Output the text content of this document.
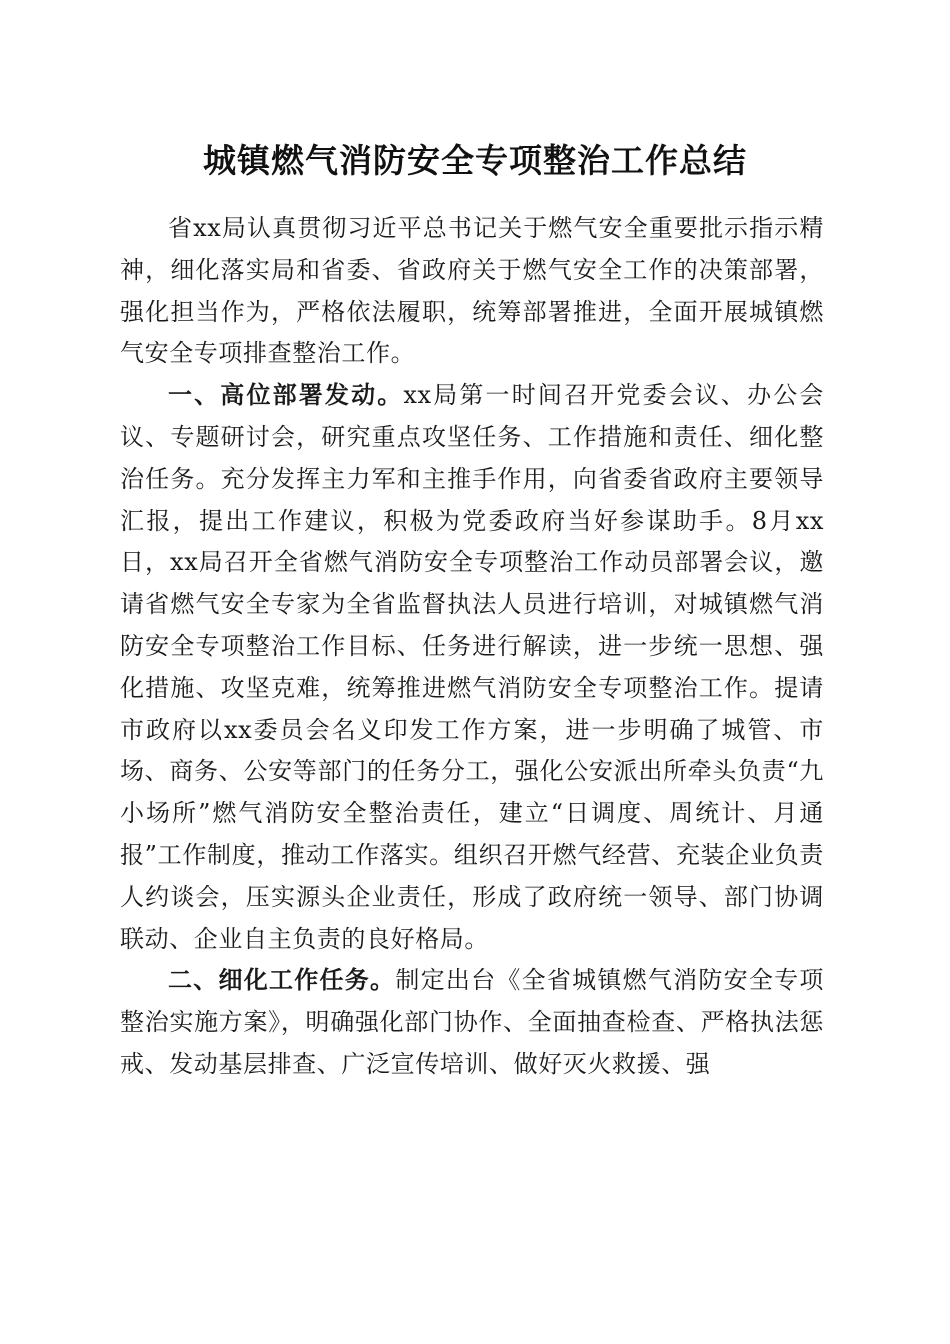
城镇燃气消防安全专项整治工作总结

省xx局认真贯彻习近平总书记关于燃气安全重要批示指示精神，细化落实局和省委、省政府关于燃气安全工作的决策部署，强化担当作为，严格依法履职，统筹部署推进，全面开展城镇燃气安全专项排查整治工作。

一、高位部署发动。xx局第一时间召开党委会议、办公会议、专题研讨会，研究重点攻坚任务、工作措施和责任、细化整治任务。充分发挥主力军和主推手作用，向省委省政府主要领导汇报，提出工作建议，积极为党委政府当好参谋助手。8月xx日，xx局召开全省燃气消防安全专项整治工作动员部署会议，邀请省燃气安全专家为全省监督执法人员进行培训，对城镇燃气消防安全专项整治工作目标、任务进行解读，进一步统一思想、强化措施、攻坚克难，统筹推进燃气消防安全专项整治工作。提请市政府以xx委员会名义印发工作方案，进一步明确了城管、市场、商务、公安等部门的任务分工，强化公安派出所牵头负责“九小场所”燃气消防安全整治责任，建立“日调度、周统计、月通报”工作制度，推动工作落实。组织召开燃气经营、充装企业负责人约谈会，压实源头企业责任，形成了政府统一领导、部门协调联动、企业自主负责的良好格局。

二、细化工作任务。制定出台《全省城镇燃气消防安全专项整治实施方案》，明确强化部门协作、全面抽查检查、严格执法惩戒、发动基层排查、广泛宣传培训、做好灭火救援、强
